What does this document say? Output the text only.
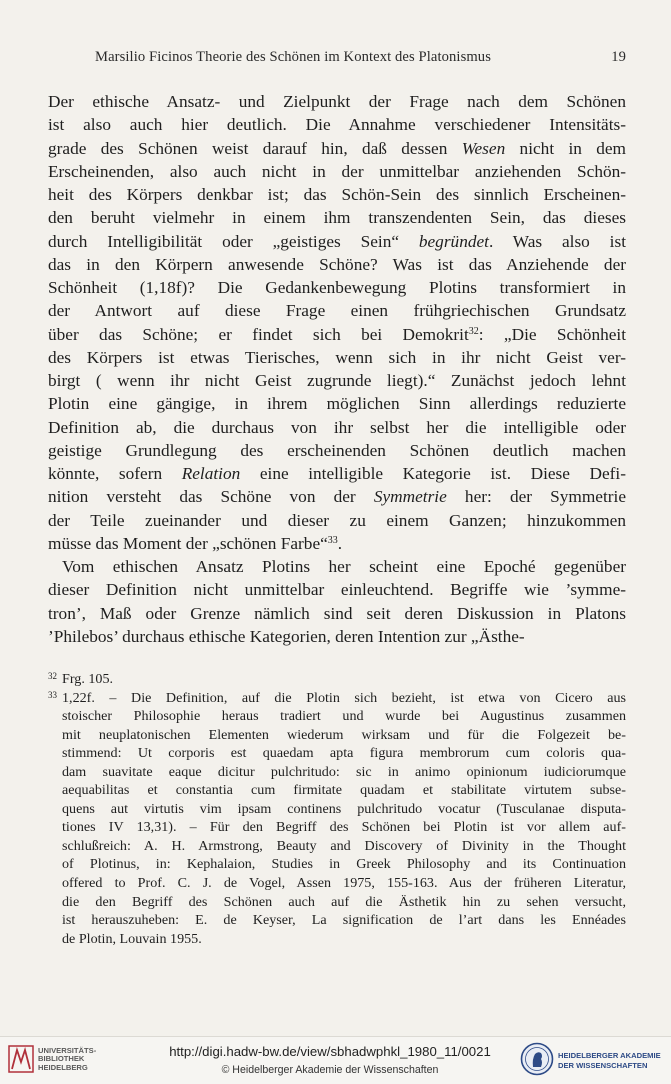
Marsilio Ficinos Theorie des Schönen im Kontext des Platonismus	19
Der ethische Ansatz- und Zielpunkt der Frage nach dem Schönen
ist also auch hier deutlich. Die Annahme verschiedener Intensitäts-
grade des Schönen weist darauf hin, daß dessen Wesen nicht in dem
Erscheinenden, also auch nicht in der unmittelbar anziehenden Schön-
heit des Körpers denkbar ist; das Schön-Sein des sinnlich Erscheinen-
den beruht vielmehr in einem ihm transzendenten Sein, das dieses
durch Intelligibilität oder „geistiges Sein“ begründet. Was also ist
das in den Körpern anwesende Schöne? Was ist das Anziehende der
Schönheit (1,18f)? Die Gedankenbewegung Plotins transformiert in
der Antwort auf diese Frage einen frühgriechischen Grundsatz
über das Schöne; er findet sich bei Demokrit$^{32}$: „Die Schönheit
des Körpers ist etwas Tierisches, wenn sich in ihr nicht Geist ver-
birgt ( wenn ihr nicht Geist zugrunde liegt).“ Zunächst jedoch lehnt
Plotin eine gängige, in ihrem möglichen Sinn allerdings reduzierte
Definition ab, die durchaus von ihr selbst her die intelligible oder
geistige Grundlegung des erscheinenden Schönen deutlich machen
könnte, sofern Relation eine intelligible Kategorie ist. Diese Defi-
nition versteht das Schöne von der Symmetrie her: der Symmetrie
der Teile zueinander und dieser zu einem Ganzen; hinzukommen
müsse das Moment der „schönen Farbe“$^{33}$.
Vom ethischen Ansatz Plotins her scheint eine Epoché gegenüber
dieser Definition nicht unmittelbar einleuchtend. Begriffe wie ’symme-
tron’, Maß oder Grenze nämlich sind seit deren Diskussion in Platons
’Philebos’ durchaus ethische Kategorien, deren Intention zur „Ästhe-
32 Frg. 105.
33 1,22f. – Die Definition, auf die Plotin sich bezieht, ist etwa von Cicero aus
stoischer Philosophie heraus tradiert und wurde bei Augustinus zusammen
mit neuplatonischen Elementen wiederum wirksam und für die Folgezeit be-
stimmend: Ut corporis est quaedam apta figura membrorum cum coloris qua-
dam suavitate eaque dicitur pulchritudo: sic in animo opinionum iudiciorumque
aequabilitas et constantia cum firmitate quadam et stabilitate virtutem subse-
quens aut virtutis vim ipsam continens pulchritudo vocatur (Tusculanae disputa-
tiones IV 13,31). – Für den Begriff des Schönen bei Plotin ist vor allem auf-
schlußreich: A. H. Armstrong, Beauty and Discovery of Divinity in the Thought
of Plotinus, in: Kephalaion, Studies in Greek Philosophy and its Continuation
offered to Prof. C. J. de Vogel, Assen 1975, 155-163. Aus der früheren Literatur,
die den Begriff des Schönen auch auf die Ästhetik hin zu sehen versucht,
ist herauszuheben: E. de Keyser, La signification de l’art dans les Ennéades
de Plotin, Louvain 1955.
UNIVERSITÄTS-
BIBLIOTHEK
HEIDELBERG
http://digi.hadw-bw.de/view/sbhadwphkl_1980_11/0021
© Heidelberger Akademie der Wissenschaften
HEIDELBERGER AKADEMIE
DER WISSENSCHAFTEN
